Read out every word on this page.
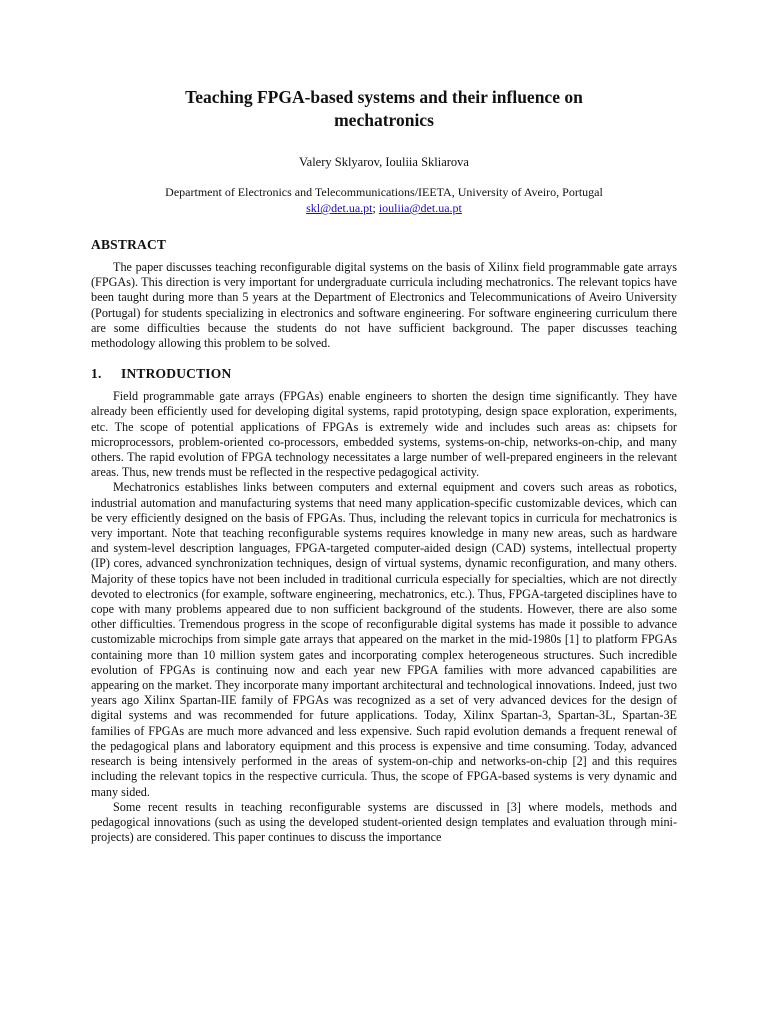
Teaching FPGA-based systems and their influence on
mechatronics

Valery Sklyarov, Iouliia Skliarova

Department of Electronics and Telecommunications/IEETA, University of Aveiro, Portugal

skl@det.ua.pt; iouliia@det.ua.pt

ABSTRACT

The paper discusses teaching reconfigurable digital systems on the basis of Xilinx field programmable gate arrays (FPGAs). This direction is very important for undergraduate curricula including mechatronics. The relevant topics have been taught during more than 5 years at the Department of Electronics and Telecommunications of Aveiro University (Portugal) for students specializing in electronics and software engineering. For software engineering curriculum there are some difficulties because the students do not have sufficient background. The paper discusses teaching methodology allowing this problem to be solved.

1. INTRODUCTION

Field programmable gate arrays (FPGAs) enable engineers to shorten the design time significantly. They have already been efficiently used for developing digital systems, rapid prototyping, design space exploration, experiments, etc. The scope of potential applications of FPGAs is extremely wide and includes such areas as: chipsets for microprocessors, problem-oriented co-processors, embedded systems, systems-on-chip, networks-on-chip, and many others. The rapid evolution of FPGA technology necessitates a large number of well-prepared engineers in the relevant areas. Thus, new trends must be reflected in the respective pedagogical activity.

Mechatronics establishes links between computers and external equipment and covers such areas as robotics, industrial automation and manufacturing systems that need many application-specific customizable devices, which can be very efficiently designed on the basis of FPGAs. Thus, including the relevant topics in curricula for mechatronics is very important. Note that teaching reconfigurable systems requires knowledge in many new areas, such as hardware and system-level description languages, FPGA-targeted computer-aided design (CAD) systems, intellectual property (IP) cores, advanced synchronization techniques, design of virtual systems, dynamic reconfiguration, and many others. Majority of these topics have not been included in traditional curricula especially for specialties, which are not directly devoted to electronics (for example, software engineering, mechatronics, etc.). Thus, FPGA-targeted disciplines have to cope with many problems appeared due to non sufficient background of the students. However, there are also some other difficulties. Tremendous progress in the scope of reconfigurable digital systems has made it possible to advance customizable microchips from simple gate arrays that appeared on the market in the mid-1980s [1] to platform FPGAs containing more than 10 million system gates and incorporating complex heterogeneous structures. Such incredible evolution of FPGAs is continuing now and each year new FPGA families with more advanced capabilities are appearing on the market. They incorporate many important architectural and technological innovations. Indeed, just two years ago Xilinx Spartan-IIE family of FPGAs was recognized as a set of very advanced devices for the design of digital systems and was recommended for future applications. Today, Xilinx Spartan-3, Spartan-3L, Spartan-3E families of FPGAs are much more advanced and less expensive. Such rapid evolution demands a frequent renewal of the pedagogical plans and laboratory equipment and this process is expensive and time consuming. Today, advanced research is being intensively performed in the areas of system-on-chip and networks-on-chip [2] and this requires including the relevant topics in the respective curricula. Thus, the scope of FPGA-based systems is very dynamic and many sided.

Some recent results in teaching reconfigurable systems are discussed in [3] where models, methods and pedagogical innovations (such as using the developed student-oriented design templates and evaluation through mini-projects) are considered. This paper continues to discuss the importance
